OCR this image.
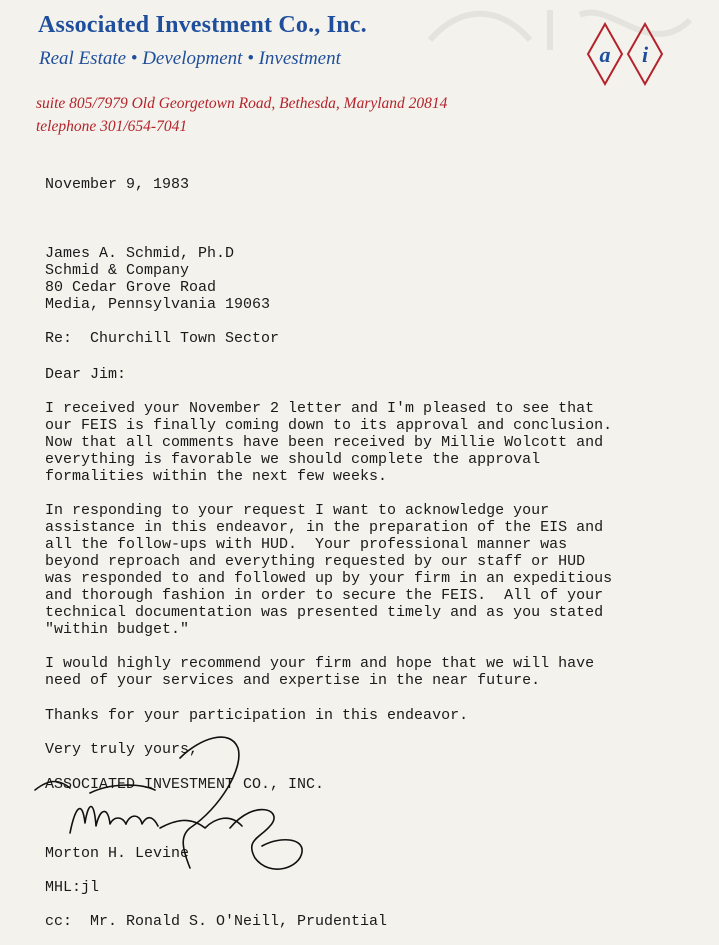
Associated Investment Co., Inc.
Real Estate • Development • Investment
suite 805/7979 Old Georgetown Road, Bethesda, Maryland 20814
telephone 301/654-7041
a i
November 9, 1983
James A. Schmid, Ph.D
Schmid & Company
80 Cedar Grove Road
Media, Pennsylvania 19063
Re:  Churchill Town Sector
Dear Jim:
I received your November 2 letter and I'm pleased to see that
our FEIS is finally coming down to its approval and conclusion.
Now that all comments have been received by Millie Wolcott and
everything is favorable we should complete the approval
formalities within the next few weeks.
In responding to your request I want to acknowledge your
assistance in this endeavor, in the preparation of the EIS and
all the follow-ups with HUD.  Your professional manner was
beyond reproach and everything requested by our staff or HUD
was responded to and followed up by your firm in an expeditious
and thorough fashion in order to secure the FEIS.  All of your
technical documentation was presented timely and as you stated
"within budget."
I would highly recommend your firm and hope that we will have
need of your services and expertise in the near future.
Thanks for your participation in this endeavor.
Very truly yours,
ASSOCIATED INVESTMENT CO., INC.
Morton H. Levine
MHL:jl
cc:  Mr. Ronald S. O'Neill, Prudential
